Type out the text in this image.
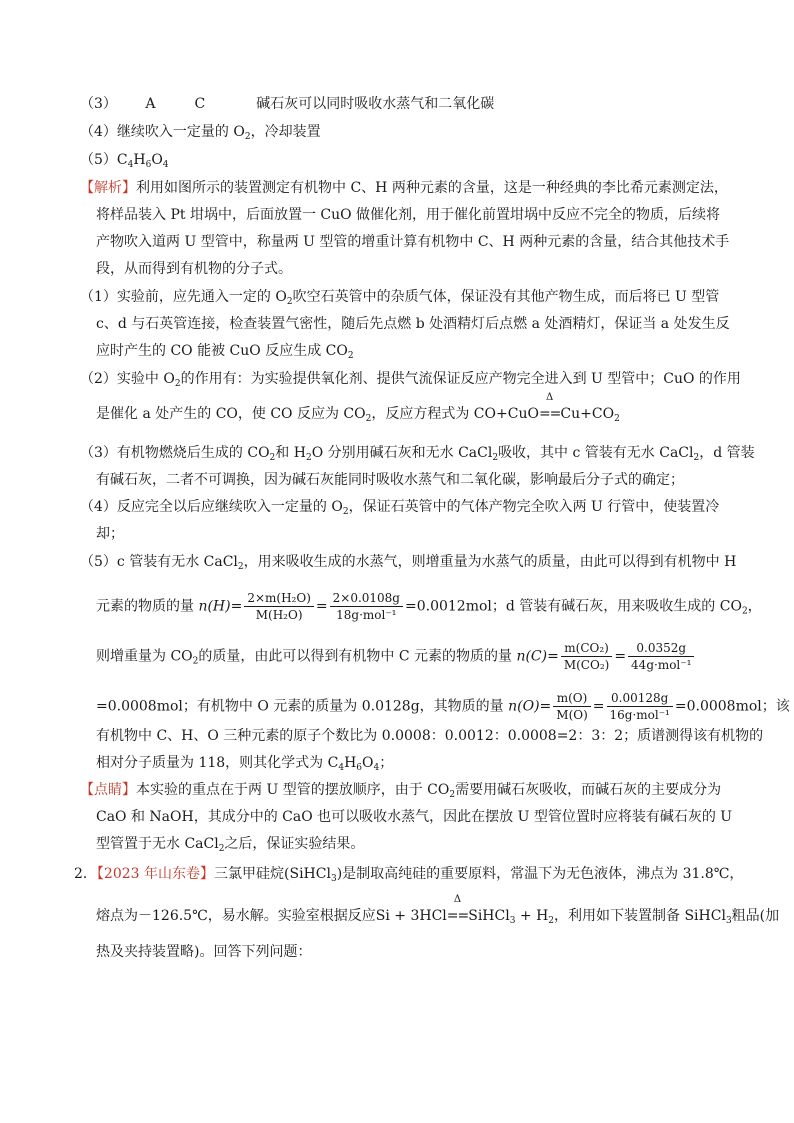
（3） A	C	碱石灰可以同时吸收水蒸气和二氧化碳
（4）继续吹入一定量的 $O_2$，冷却装置
$(5)C_4H_6O_4$
【解析】利用如图所示的装置测定有机物中 C、H 两种元素的含量，这是一种经典的李比希元素测定法，
将样品装入 Pt 坩埚中，后面放置一 CuO 做催化剂，用于催化前置坩埚中反应不完全的物质，后续将
产物吹入道两 U 型管中，称量两 U 型管的增重计算有机物中 C、H 两种元素的含量，结合其他技术手
段，从而得到有机物的分子式。
（1）实验前，应先通入一定的 $O_2$吹空石英管中的杂质气体，保证没有其他产物生成，而后将已 U 型管
c、d 与石英管连接，检查装置气密性，随后先点燃 b 处酒精灯后点燃 a 处酒精灯，保证当 a 处发生反
应时产生的 CO 能被 CuO 反应生成 $CO_2$
（2）实验中 $O_2$的作用有：为实验提供氧化剂、提供气流保证反应产物完全进入到 U 型管中；CuO 的作用
是催化 a 处产生的 CO，使 CO 反应为 $CO_2$，反应方程式为 CO+CuO
Δ
$==Cu+CO_2$
（3）有机物燃烧后生成的 $CO_2$和 $H_2O$ 分别用碱石灰和无水 CaCl$_2$吸收，其中 c 管装有无水 CaCl$_2$，d 管装
有碱石灰，二者不可调换，因为碱石灰能同时吸收水蒸气和二氧化碳，影响最后分子式的确定；
（4）反应完全以后应继续吹入一定量的 $O_2$，保证石英管中的气体产物完全吹入两 U 行管中，使装置冷
却；
（5）c 管装有无水 CaCl$_2$，用来吸收生成的水蒸气，则增重量为水蒸气的质量，由此可以得到有机物中 H
元素的物质的量 $n(H)= \frac{\text{2×m(H₂O)}}{\text{M(H₂O)}} = \frac{2\times 0.0108g}{\text{18g·mol⁻¹}} =0.0012mol$；d 管装有碱石灰，用来吸收生成的 $CO_2$，
则增重量为 $CO_2$的质量，由此可以得到有机物中 C 元素的物质的量 $n(C)= \frac{\text{m(CO₂)}}{\text{M(CO₂)}} = \frac{0.0352g}{\text{44g·mol⁻¹}}$
=0.0008mol；有机物中 O 元素的质量为 0.0128g，其物质的量 $n(O)= \frac{m(O)}{M(O)} = \frac{0.00128g}{\text{16g·mol⁻¹}} =0.0008mol$；该
有机物中 C、H、O 三种元素的原子个数比为 0.0008：0.0012：0.0008=2：3：2；质谱测得该有机物的
相对分子质量为 118，则其化学式为 $C_4H_6O_4$；
【点睛】本实验的重点在于两 U 型管的摆放顺序，由于 $CO_2$需要用碱石灰吸收，而碱石灰的主要成分为
CaO 和 NaOH，其成分中的 CaO 也可以吸收水蒸气，因此在摆放 U 型管位置时应将装有碱石灰的 U
型管置于无水 CaCl$_2$之后，保证实验结果。
2．【2023 年山东卷】三氯甲硅烷(SiHCl$_3$)是制取高纯硅的重要原料，常温下为无色液体，沸点为 31.8℃，
熔点为－126.5℃，易水解。实验室根据反应Si + 3HCl
Δ
==SiHCl$_3$ + $H_2$，利用如下装置制备 SiHCl$_3$粗品(加
热及夹持装置略)。回答下列问题：
